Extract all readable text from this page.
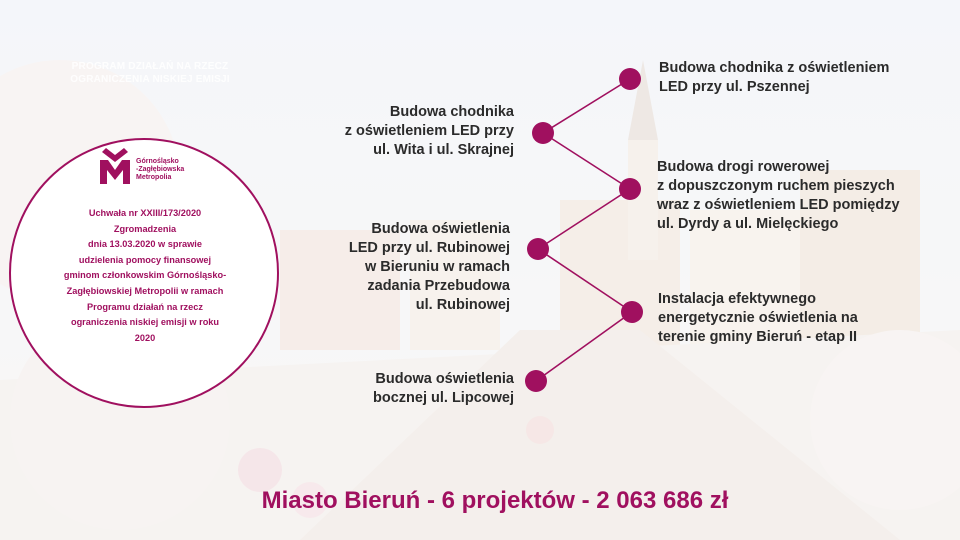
PROGRAM DZIAŁAŃ NA RZECZ
OGRANICZENIA NISKIEJ EMISJI
Górnośląsko
-Zagłębiowska
Metropolia
Uchwała nr XXIII/173/2020
Zgromadzenia
dnia 13.03.2020 w sprawie
udzielenia pomocy finansowej
gminom członkowskim Górnośląsko-
Zagłębiowskiej Metropolii w ramach
Programu działań na rzecz
ograniczenia niskiej emisji w roku
2020
Budowa chodnika
z oświetleniem LED przy
ul. Wita i ul. Skrajnej
Budowa oświetlenia
LED przy ul. Rubinowej
w Bieruniu w ramach
zadania Przebudowa
ul. Rubinowej
Budowa oświetlenia
bocznej ul. Lipcowej
Budowa chodnika z oświetleniem
LED przy ul. Pszennej
Budowa drogi rowerowej
z dopuszczonym ruchem pieszych
wraz z oświetleniem LED pomiędzy
ul. Dyrdy a ul. Mielęckiego
Instalacja efektywnego
energetycznie oświetlenia na
terenie gminy Bieruń - etap II
Miasto Bieruń - 6 projektów - 2 063 686 zł
